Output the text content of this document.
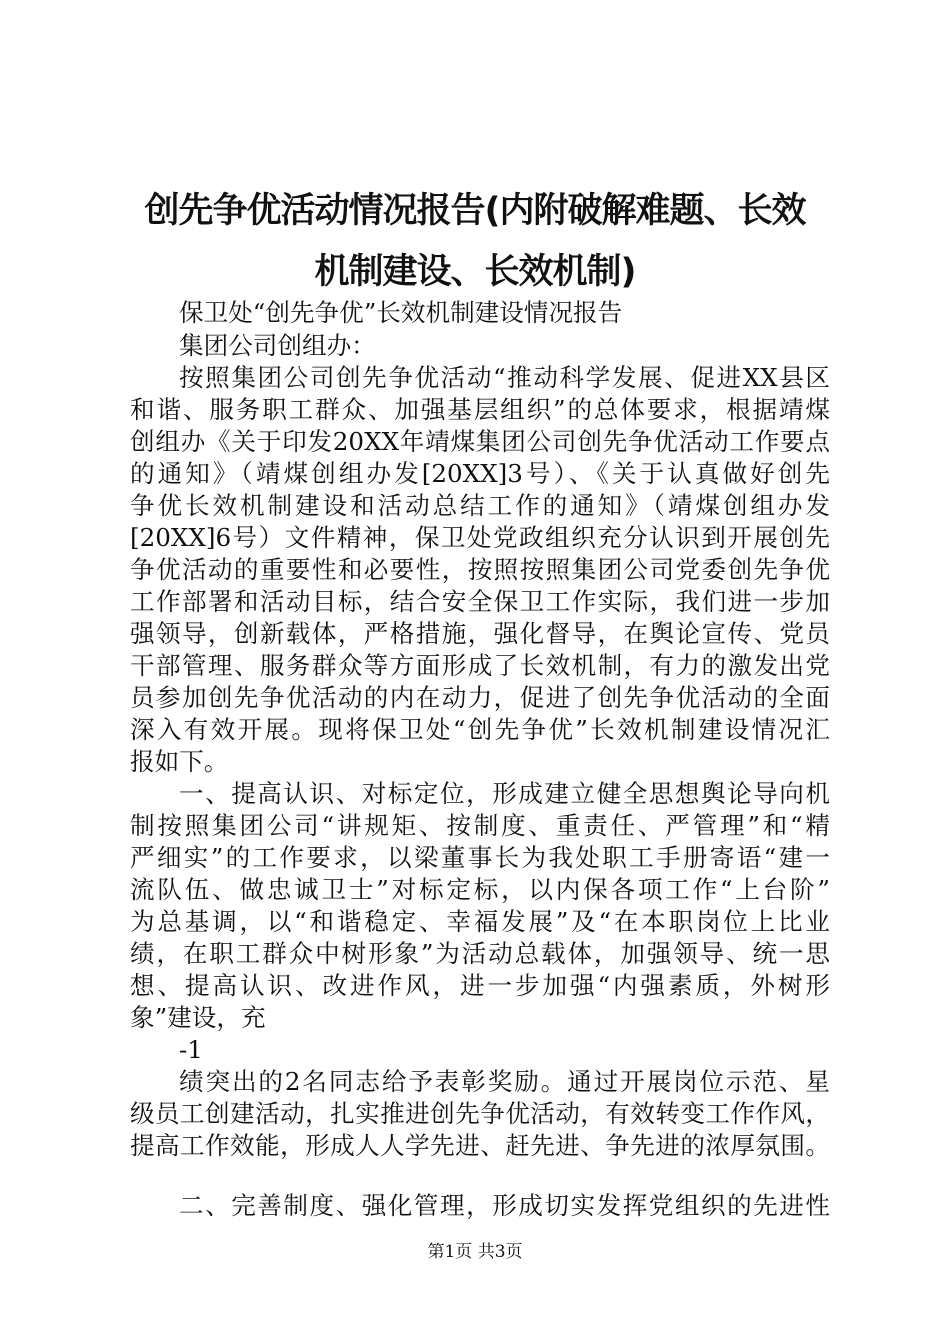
创先争优活动情况报告(内附破解难题、长效
机制建设、长效机制)
保卫处“创先争优”长效机制建设情况报告
集团公司创组办：
按照集团公司创先争优活动“推动科学发展、促进XX县区
和谐、服务职工群众、加强基层组织”的总体要求，根据靖煤
创组办《关于印发20XX年靖煤集团公司创先争优活动工作要点
的通知》（靖煤创组办发[20XX]3号）、《关于认真做好创先
争优长效机制建设和活动总结工作的通知》（靖煤创组办发
[20XX]6号）文件精神，保卫处党政组织充分认识到开展创先
争优活动的重要性和必要性，按照按照集团公司党委创先争优
工作部署和活动目标，结合安全保卫工作实际，我们进一步加
强领导，创新载体，严格措施，强化督导，在舆论宣传、党员
干部管理、服务群众等方面形成了长效机制，有力的激发出党
员参加创先争优活动的内在动力，促进了创先争优活动的全面
深入有效开展。现将保卫处“创先争优”长效机制建设情况汇
报如下。
一、提高认识、对标定位，形成建立健全思想舆论导向机
制按照集团公司“讲规矩、按制度、重责任、严管理”和“精
严细实”的工作要求，以梁董事长为我处职工手册寄语“建一
流队伍、做忠诚卫士”对标定标，以内保各项工作“上台阶”
为总基调，以“和谐稳定、幸福发展”及“在本职岗位上比业
绩，在职工群众中树形象”为活动总载体，加强领导、统一思
想、提高认识、改进作风，进一步加强“内强素质，外树形
象”建设，充
-1
绩突出的2名同志给予表彰奖励。通过开展岗位示范、星
级员工创建活动，扎实推进创先争优活动，有效转变工作作风，
提高工作效能，形成人人学先进、赶先进、争先进的浓厚氛围。
二、完善制度、强化管理，形成切实发挥党组织的先进性
第1页 共3页
